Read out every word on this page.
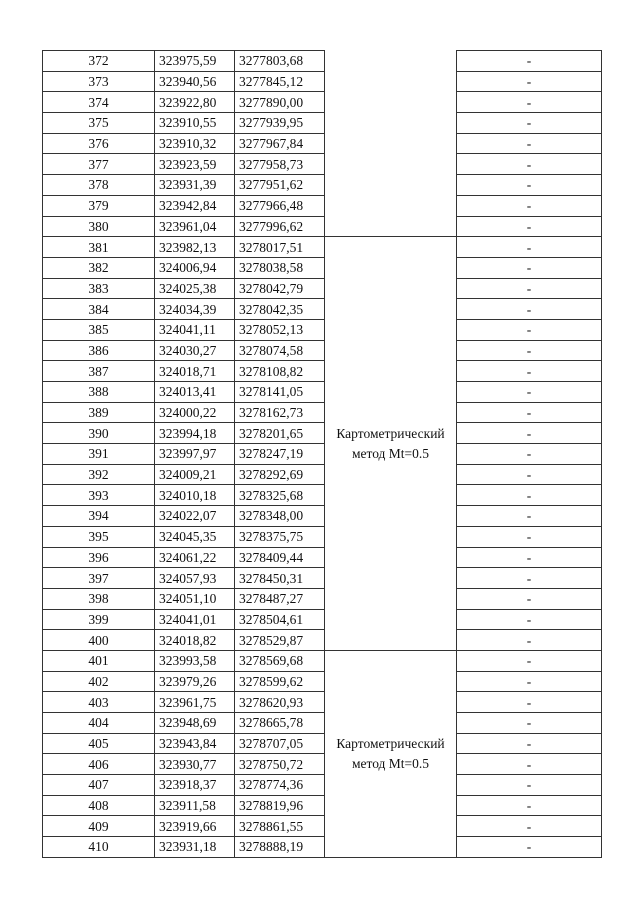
372	323975,59	3277803,68		-
373	323940,56	3277845,12		-
374	323922,80	3277890,00		-
375	323910,55	3277939,95		-
376	323910,32	3277967,84		-
377	323923,59	3277958,73		-
378	323931,39	3277951,62		-
379	323942,84	3277966,48		-
380	323961,04	3277996,62		-
381	323982,13	3278017,51	Картометрический метод Mt=0.5	-
382	324006,94	3278038,58		-
383	324025,38	3278042,79		-
384	324034,39	3278042,35		-
385	324041,11	3278052,13		-
386	324030,27	3278074,58		-
387	324018,71	3278108,82		-
388	324013,41	3278141,05		-
389	324000,22	3278162,73		-
390	323994,18	3278201,65		-
391	323997,97	3278247,19		-
392	324009,21	3278292,69		-
393	324010,18	3278325,68		-
394	324022,07	3278348,00		-
395	324045,35	3278375,75		-
396	324061,22	3278409,44		-
397	324057,93	3278450,31		-
398	324051,10	3278487,27		-
399	324041,01	3278504,61		-
400	324018,82	3278529,87		-
401	323993,58	3278569,68	Картометрический метод Mt=0.5	-
402	323979,26	3278599,62		-
403	323961,75	3278620,93		-
404	323948,69	3278665,78		-
405	323943,84	3278707,05		-
406	323930,77	3278750,72		-
407	323918,37	3278774,36		-
408	323911,58	3278819,96		-
409	323919,66	3278861,55		-
410	323931,18	3278888,19		-
